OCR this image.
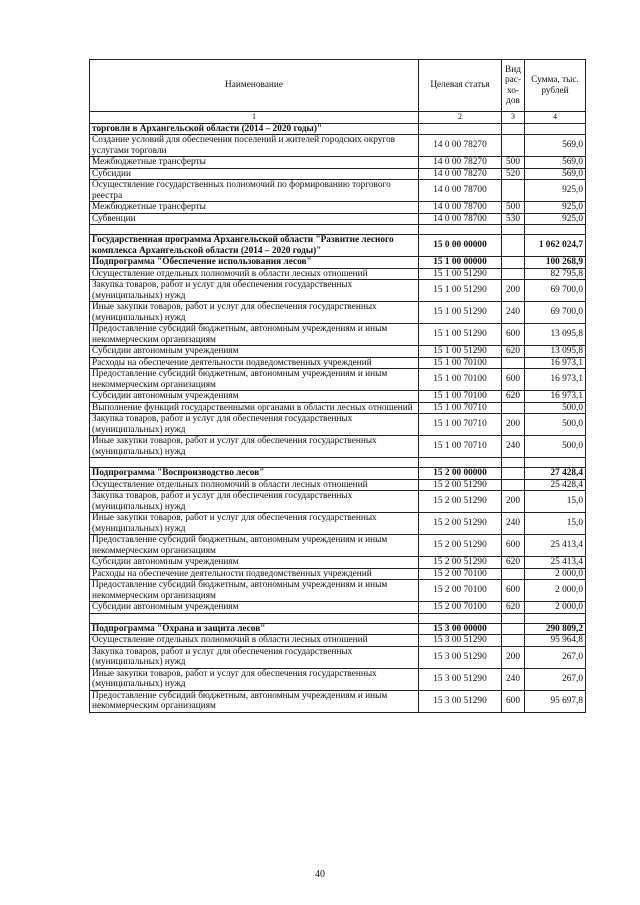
Наименование	Целевая статья	Вид рас-хо-дов	Сумма, тыс. рублей
1	2	3	4
торговли в Архангельской области (2014 – 2020 годы)"			
Создание условий для обеспечения поселений и жителей городских округов услугами торговли	14 0 00 78270		569,0
Межбюджетные трансферты	14 0 00 78270	500	569,0
Субсидии	14 0 00 78270	520	569,0
Осуществление государственных полномочий по формированию торгового реестра	14 0 00 78700		925,0
Межбюджетные трансферты	14 0 00 78700	500	925,0
Субвенции	14 0 00 78700	530	925,0

Государственная программа Архангельской области "Развитие лесного комплекса Архангельской области (2014 – 2020 годы)"	15 0 00 00000		1 062 024,7
Подпрограмма "Обеспечение использования лесов"	15 1 00 00000		100 268,9
Осуществление отдельных полномочий в области лесных отношений	15 1 00 51290		82 795,8
Закупка товаров, работ и услуг для обеспечения государственных (муниципальных) нужд	15 1 00 51290	200	69 700,0
Иные закупки товаров, работ и услуг для обеспечения государственных (муниципальных) нужд	15 1 00 51290	240	69 700,0
Предоставление субсидий бюджетным, автономным учреждениям и иным некоммерческим организациям	15 1 00 51290	600	13 095,8
Субсидии автономным учреждениям	15 1 00 51290	620	13 095,8
Расходы на обеспечение деятельности подведомственных учреждений	15 1 00 70100		16 973,1
Предоставление субсидий бюджетным, автономным учреждениям и иным некоммерческим организациям	15 1 00 70100	600	16 973,1
Субсидии автономным учреждениям	15 1 00 70100	620	16 973,1
Выполнение функций государственными органами в области лесных отношений	15 1 00 70710		500,0
Закупка товаров, работ и услуг для обеспечения государственных (муниципальных) нужд	15 1 00 70710	200	500,0
Иные закупки товаров, работ и услуг для обеспечения государственных (муниципальных) нужд	15 1 00 70710	240	500,0

Подпрограмма "Воспроизводство лесов"	15 2 00 00000		27 428,4
Осуществление отдельных полномочий в области лесных отношений	15 2 00 51290		25 428,4
Закупка товаров, работ и услуг для обеспечения государственных (муниципальных) нужд	15 2 00 51290	200	15,0
Иные закупки товаров, работ и услуг для обеспечения государственных (муниципальных) нужд	15 2 00 51290	240	15,0
Предоставление субсидий бюджетным, автономным учреждениям и иным некоммерческим организациям	15 2 00 51290	600	25 413,4
Субсидии автономным учреждениям	15 2 00 51290	620	25 413,4
Расходы на обеспечение деятельности подведомственных учреждений	15 2 00 70100		2 000,0
Предоставление субсидий бюджетным, автономным учреждениям и иным некоммерческим организациям	15 2 00 70100	600	2 000,0
Субсидии автономным учреждениям	15 2 00 70100	620	2 000,0

Подпрограмма "Охрана и защита лесов"	15 3 00 00000		290 809,2
Осуществление отдельных полномочий в области лесных отношений	15 3 00 51290		95 964,8
Закупка товаров, работ и услуг для обеспечения государственных (муниципальных) нужд	15 3 00 51290	200	267,0
Иные закупки товаров, работ и услуг для обеспечения государственных (муниципальных) нужд	15 3 00 51290	240	267,0
Предоставление субсидий бюджетным, автономным учреждениям и иным некоммерческим организациям	15 3 00 51290	600	95 697,8
40
